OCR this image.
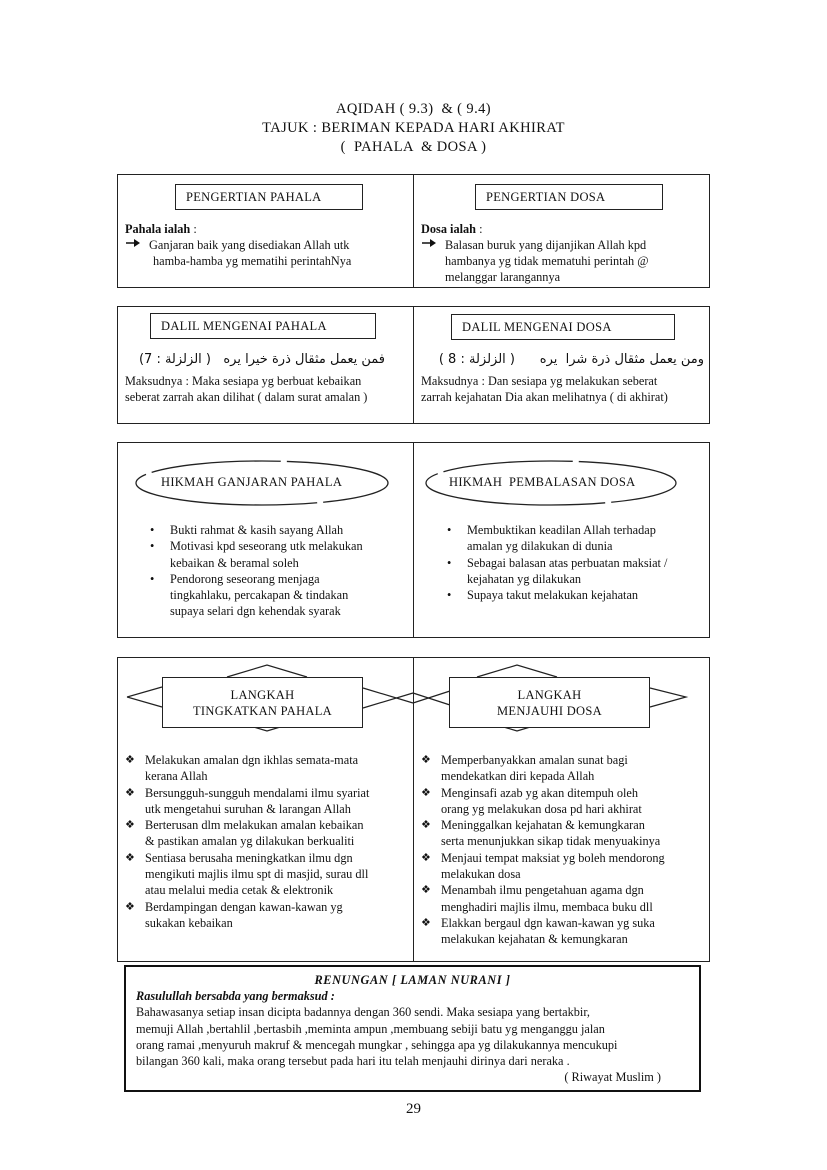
AQIDAH ( 9.3)  & ( 9.4)
TAJUK : BERIMAN KEPADA HARI AKHIRAT
(  PAHALA  & DOSA )
PENGERTIAN PAHALA
Pahala ialah :
Ganjaran baik yang disediakan Allah utk
hamba-hamba yg mematihi perintahNya
PENGERTIAN DOSA
Dosa ialah :
Balasan buruk yang dijanjikan Allah kpd
hambanya yg tidak mematuhi perintah @
melanggar larangannya
DALIL MENGENAI PAHALA
فمن يعمل مثقال ذرة خيرا يره   ( الزلزلة : 7)
Maksudnya : Maka sesiapa yg berbuat kebaikan
seberat zarrah akan dilihat ( dalam surat amalan )
DALIL MENGENAI DOSA
ومن يعمل مثقال ذرة شرا  يره      ( الزلزلة : 8 )
Maksudnya : Dan sesiapa yg melakukan seberat
zarrah kejahatan Dia akan melihatnya ( di akhirat)
HIKMAH GANJARAN PAHALA
•	Bukti rahmat & kasih sayang Allah
•	Motivasi kpd seseorang utk melakukan
kebaikan & beramal soleh
•	Pendorong seseorang menjaga
tingkahlaku, percakapan & tindakan
supaya selari dgn kehendak syarak
HIKMAH  PEMBALASAN DOSA
•	Membuktikan keadilan Allah terhadap
amalan yg dilakukan di dunia
•	Sebagai balasan atas perbuatan maksiat /
kejahatan yg dilakukan
•	Supaya takut melakukan kejahatan
LANGKAH
TINGKATKAN PAHALA
LANGKAH
MENJAUHI DOSA
❖ Melakukan amalan dgn ikhlas semata-mata
kerana Allah
❖ Bersungguh-sungguh mendalami ilmu syariat
utk mengetahui suruhan & larangan Allah
❖ Berterusan dlm melakukan amalan kebaikan
& pastikan amalan yg dilakukan berkualiti
❖ Sentiasa berusaha meningkatkan ilmu dgn
mengikuti majlis ilmu spt di masjid, surau dll
atau melalui media cetak & elektronik
❖ Berdampingan dengan kawan-kawan yg
sukakan kebaikan
❖ Memperbanyakkan amalan sunat bagi
mendekatkan diri kepada Allah
❖ Menginsafi azab yg akan ditempuh oleh
orang yg melakukan dosa pd hari akhirat
❖ Meninggalkan kejahatan & kemungkaran
serta menunjukkan sikap tidak menyuakinya
❖ Menjaui tempat maksiat yg boleh mendorong
melakukan dosa
❖ Menambah ilmu pengetahuan agama dgn
menghadiri majlis ilmu, membaca buku dll
❖ Elakkan bergaul dgn kawan-kawan yg suka
melakukan kejahatan & kemungkaran
RENUNGAN [ LAMAN NURANI ]
Rasulullah bersabda yang bermaksud :
Bahawasanya setiap insan dicipta badannya dengan 360 sendi. Maka sesiapa yang bertakbir,
memuji Allah ,bertahlil ,bertasbih ,meminta ampun ,membuang sebiji batu yg menganggu jalan
orang ramai ,menyuruh makruf & mencegah mungkar , sehingga apa yg dilakukannya mencukupi
bilangan 360 kali, maka orang tersebut pada hari itu telah menjauhi dirinya dari neraka .
( Riwayat Muslim )
29
